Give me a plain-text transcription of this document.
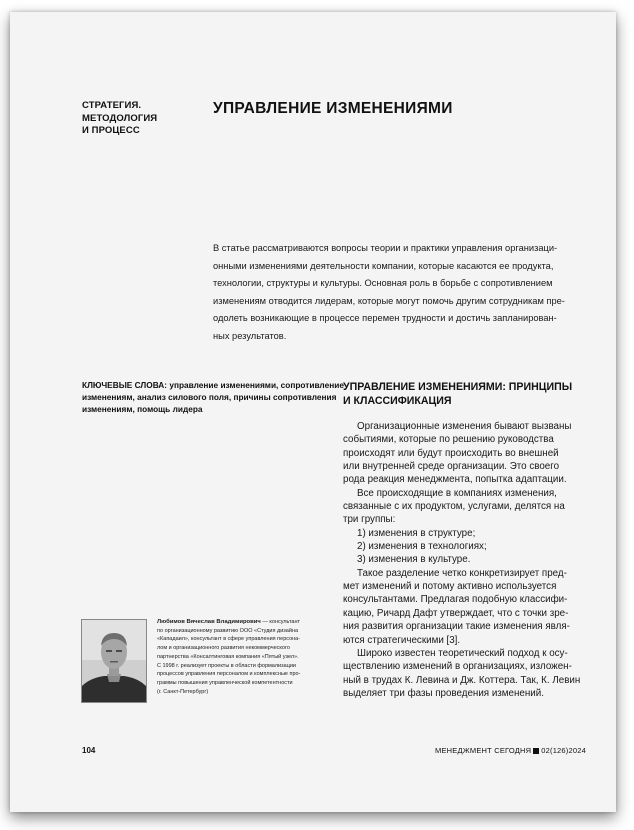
СТРАТЕГИЯ.
МЕТОДОЛОГИЯ
И ПРОЦЕСС
УПРАВЛЕНИЕ ИЗМЕНЕНИЯМИ
В статье рассматриваются вопросы теории и практики управления организаци-
онными изменениями деятельности компании, которые касаются ее продукта,
технологии, структуры и культуры. Основная роль в борьбе с сопротивлением
изменениям отводится лидерам, которые могут помочь другим сотрудникам пре-
одолеть возникающие в процессе перемен трудности и достичь запланирован-
ных результатов.
КЛЮЧЕВЫЕ СЛОВА: управление изменениями, сопротивление
изменениям, анализ силового поля, причины сопротивления
изменениям, помощь лидера
УПРАВЛЕНИЕ ИЗМЕНЕНИЯМИ: ПРИНЦИПЫ
И КЛАССИФИКАЦИЯ
Организационные изменения бывают вызваны
событиями, которые по решению руководства
происходят или будут происходить во внешней
или внутренней среде организации. Это своего
рода реакция менеджмента, попытка адаптации.
Все происходящие в компаниях изменения,
связанные с их продуктом, услугами, делятся на
три группы:
1) изменения в структуре;
2) изменения в технологиях;
3) изменения в культуре.
Такое разделение четко конкретизирует пред-
мет изменений и потому активно используется
консультантами. Предлагая подобную классифи-
кацию, Ричард Дафт утверждает, что с точки зре-
ния развития организации такие изменения явля-
ются стратегическими [3].
Широко известен теоретический подход к осу-
ществлению изменений в организациях, изложен-
ный в трудах К. Левина и Дж. Коттера. Так, К. Левин
выделяет три фазы проведения изменений.
Любимов Вячеслав Владимирович — консультант
по организационному развитию ООО «Студия дизайна
«Кападаил», консультант в сфере управления персона-
лом и организационного развития некоммерческого
партнерства «Консалтинговая компания «Пятый узел».
С 1998 г. реализует проекты в области формализации
процессов управления персоналом и комплексные про-
граммы повышения управленческой компетентности
(г. Санкт-Петербург)
104	МЕНЕДЖМЕНТ СЕГОДНЯ 02(126)2024
